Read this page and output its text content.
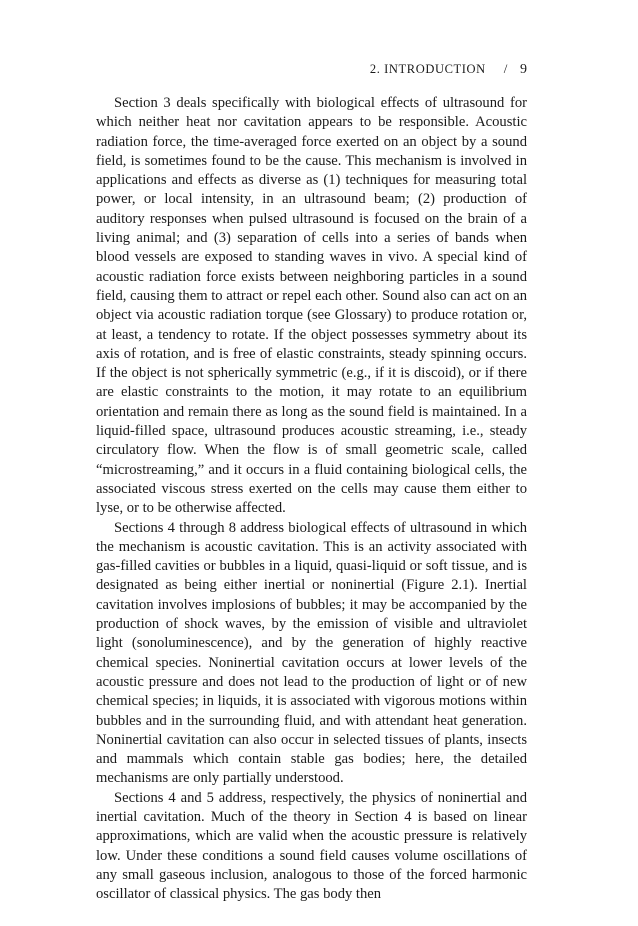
2. INTRODUCTION / 9

Section 3 deals specifically with biological effects of ultrasound for which neither heat nor cavitation appears to be responsible. Acoustic radiation force, the time-averaged force exerted on an object by a sound field, is sometimes found to be the cause. This mechanism is involved in applications and effects as diverse as (1) techniques for measuring total power, or local intensity, in an ultrasound beam; (2) production of auditory responses when pulsed ultrasound is focused on the brain of a living animal; and (3) separation of cells into a series of bands when blood vessels are exposed to standing waves in vivo. A special kind of acoustic radiation force exists between neighboring particles in a sound field, causing them to attract or repel each other. Sound also can act on an object via acoustic radiation torque (see Glossary) to produce rotation or, at least, a tendency to rotate. If the object possesses symmetry about its axis of rotation, and is free of elastic constraints, steady spinning occurs. If the object is not spherically symmetric (e.g., if it is discoid), or if there are elastic constraints to the motion, it may rotate to an equilibrium orientation and remain there as long as the sound field is maintained. In a liquid-filled space, ultrasound produces acoustic streaming, i.e., steady circulatory flow. When the flow is of small geometric scale, called “microstreaming,” and it occurs in a fluid containing biological cells, the associated viscous stress exerted on the cells may cause them either to lyse, or to be otherwise affected.

Sections 4 through 8 address biological effects of ultrasound in which the mechanism is acoustic cavitation. This is an activity associated with gas-filled cavities or bubbles in a liquid, quasi-liquid or soft tissue, and is designated as being either inertial or noninertial (Figure 2.1). Inertial cavitation involves implosions of bubbles; it may be accompanied by the production of shock waves, by the emission of visible and ultraviolet light (sonoluminescence), and by the generation of highly reactive chemical species. Noninertial cavitation occurs at lower levels of the acoustic pressure and does not lead to the production of light or of new chemical species; in liquids, it is associated with vigorous motions within bubbles and in the surrounding fluid, and with attendant heat generation. Noninertial cavitation can also occur in selected tissues of plants, insects and mammals which contain stable gas bodies; here, the detailed mechanisms are only partially understood.

Sections 4 and 5 address, respectively, the physics of noninertial and inertial cavitation. Much of the theory in Section 4 is based on linear approximations, which are valid when the acoustic pressure is relatively low. Under these conditions a sound field causes volume oscillations of any small gaseous inclusion, analogous to those of the forced harmonic oscillator of classical physics. The gas body then
